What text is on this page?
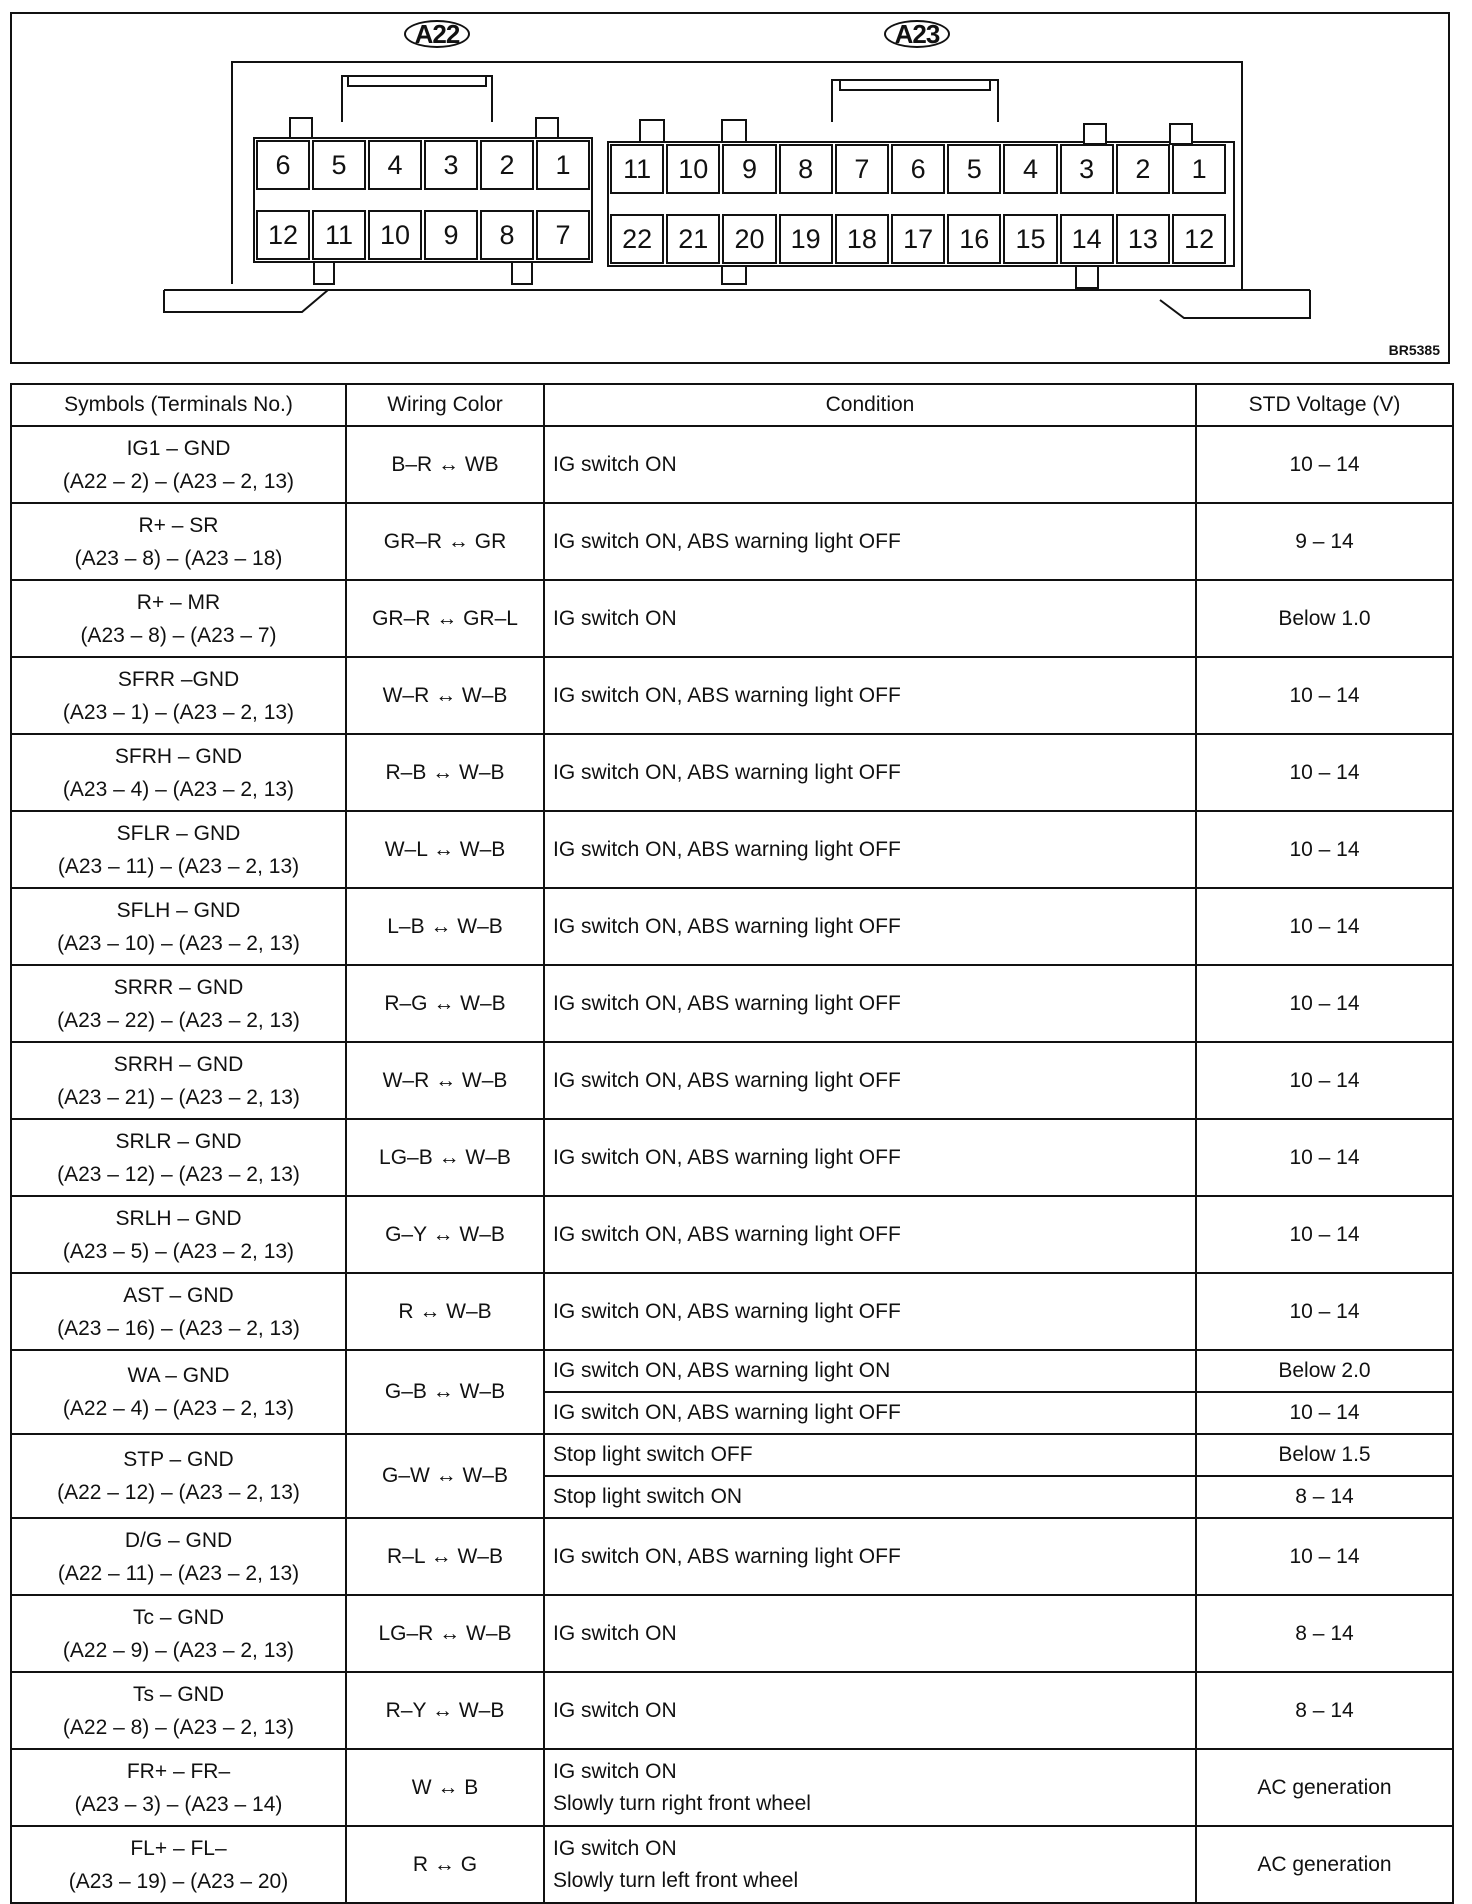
A22	A23
6	5	4	3	2	1
12 11 10	9	8	7
11	10	9	8	7	6	5	4	3	2	1
22 21 20 19 18 17 16 15 14 13 12
BR5385
Symbols (Terminals No.)	Wiring Color	Condition	STD Voltage (V)

IG1 – GND
(A22 – 2) – (A23 – 2, 13)	B–R ↔ WB	IG switch ON	10 – 14

R+ – SR
(A23 – 8) – (A23 – 18)	GR–R ↔ GR	IG switch ON, ABS warning light OFF	9 – 14

R+ – MR
(A23 – 8) – (A23 – 7)	GR–R ↔ GR–L	IG switch ON	Below 1.0

SFRR –GND
(A23 – 1) – (A23 – 2, 13)	W–R ↔ W–B	IG switch ON, ABS warning light OFF	10 – 14

SFRH – GND
(A23 – 4) – (A23 – 2, 13)	R–B ↔ W–B	IG switch ON, ABS warning light OFF	10 – 14

SFLR – GND
(A23 – 11) – (A23 – 2, 13)	W–L ↔ W–B	IG switch ON, ABS warning light OFF	10 – 14

SFLH – GND
(A23 – 10) – (A23 – 2, 13)	L–B ↔ W–B	IG switch ON, ABS warning light OFF	10 – 14

SRRR – GND
(A23 – 22) – (A23 – 2, 13)	R–G ↔ W–B	IG switch ON, ABS warning light OFF	10 – 14

SRRH – GND
(A23 – 21) – (A23 – 2, 13)	W–R ↔ W–B	IG switch ON, ABS warning light OFF	10 – 14

SRLR – GND
(A23 – 12) – (A23 – 2, 13)	LG–B ↔ W–B	IG switch ON, ABS warning light OFF	10 – 14

SRLH – GND
(A23 – 5) – (A23 – 2, 13)	G–Y ↔ W–B	IG switch ON, ABS warning light OFF	10 – 14

AST – GND
(A23 – 16) – (A23 – 2, 13)	R ↔ W–B	IG switch ON, ABS warning light OFF	10 – 14

WA – GND
(A22 – 4) – (A23 – 2, 13)	G–B ↔ W–B	IG switch ON, ABS warning light ON	Below 2.0
		IG switch ON, ABS warning light OFF	10 – 14

STP – GND
(A22 – 12) – (A23 – 2, 13)	G–W ↔ W–B	Stop light switch OFF	Below 1.5
		Stop light switch ON	8 – 14

D/G – GND
(A22 – 11) – (A23 – 2, 13)	R–L ↔ W–B	IG switch ON, ABS warning light OFF	10 – 14

Tc – GND
(A22 – 9) – (A23 – 2, 13)	LG–R ↔ W–B	IG switch ON	8 – 14

Ts – GND
(A22 – 8) – (A23 – 2, 13)	R–Y ↔ W–B	IG switch ON	8 – 14

FR+ – FR–
(A23 – 3) – (A23 – 14)	W ↔ B	IG switch ON
Slowly turn right front wheel	AC generation

FL+ – FL–
(A23 – 19) – (A23 – 20)	R ↔ G	IG switch ON
Slowly turn left front wheel	AC generation
